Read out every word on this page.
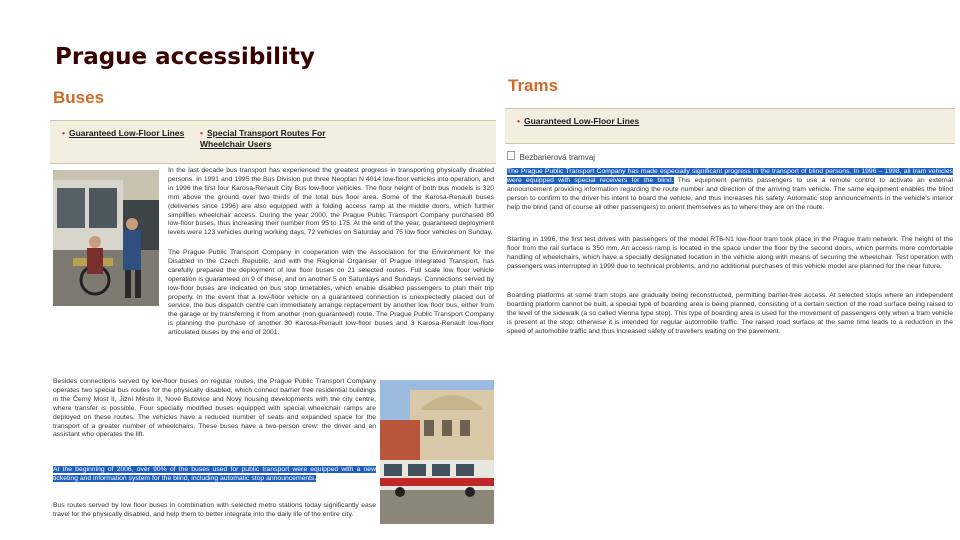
Prague accessibility
Buses
• Guaranteed Low-Floor Lines • Special Transport Routes For Wheelchair Users

In the last decade bus transport has experienced the greatest progress in transporting physically disabled persons. In 1991 and 1995 the Bus Division put three Neoplan N 4014 low-floor vehicles into operation, and in 1996 the first four Karosa-Renault City Bus low-floor vehicles. The floor height of both bus models is 320 mm above the ground over two thirds of the total bus floor area. Some of the Karosa-Renault buses (deliveries since 1996) are also equipped with a folding access ramp at the middle doors, which further simplifies wheelchair access. During the year 2000, the Prague Public Transport Company purchased 80 low-floor buses, thus increasing their number from 95 to 175. At the end of the year, guaranteed deployment levels were 123 vehicles during working days, 72 vehicles on Saturday and 75 low floor vehicles on Sunday.

The Prague Public Transport Company in cooperation with the Association for the Environment for the Disabled in the Czech Republic, and with the Regional Organiser of Prague Integrated Transport, has carefully prepared the deployment of low floor buses on 21 selected routes. Full scale low floor vehicle operation is guaranteed on 9 of these, and on another 5 on Saturdays and Sundays. Connections served by low-floor buses are indicated on bus stop timetables, which enable disabled passengers to plan their trip properly. In the event that a low-floor vehicle on a guaranteed connection is unexpectedly placed out of service, the bus dispatch centre can immediately arrange replacement by another low floor bus, either from the garage or by transferring it from another (non guaranteed) route. The Prague Public Transport Company is planning the purchase of another 30 Karosa-Renault low-floor buses and 3 Karosa-Renault low-floor articulated buses by the end of 2001.

Besides connections served by low-floor buses on regular routes, the Prague Public Transport Company operates two special bus routes for the physically disabled, which connect barrier free residential buildings in the Černý Most II, Jižní Město II, Nové Butovice and Nový housing developments with the city centre, where transfer is possible. Four specially modified buses equipped with special wheelchair ramps are deployed on these routes. The vehicles have a reduced number of seats and expanded space for the transport of a greater number of wheelchairs. These buses have a two-person crew: the driver and an assistant who operates the lift.

At the beginning of 2006, over 90% of the buses used for public transport were equipped with a new ticketing and information system for the blind, including automatic stop announcements.

Bus routes served by low floor buses in combination with selected metro stations today significantly ease travel for the physically disabled, and help them to better integrate into the daily life of the entire city.

Trams
• Guaranteed Low-Floor Lines
Bezbarierová tramvaj

The Prague Public Transport Company has made especially significant progress in the transport of blind persons. In 1996 – 1998, all tram vehicles were equipped with special receivers for the blind. This equipment permits passengers to use a remote control to activate an external announcement providing information regarding the route number and direction of the arriving tram vehicle. The same equipment enables the blind person to confirm to the driver his intent to board the vehicle, and thus increases his safety. Automatic stop announcements in the vehicle's interior help the blind (and of course all other passengers) to orient themselves as to where they are on the route.

Starting in 1996, the first test drives with passengers of the model RT6-N1 low-floor tram took place in the Prague tram network. The height of the floor from the rail surface is 350 mm. An access ramp is located in the space under the floor by the second doors, which permits more comfortable handling of wheelchairs, which have a specially designated location in the vehicle along with means of securing the wheelchair. Test operation with passengers was interrupted in 1999 due to technical problems, and no additional purchases of this vehicle model are planned for the near future.

Boarding platforms at some tram stops are gradually being reconstructed, permitting barrier-free access. At selected stops where an independent boarding platform cannot be built, a special type of boarding area is being planned, consisting of a certain section of the road surface being raised to the level of the sidewalk (a so called Vienna type stop). This type of boarding area is used for the movement of passengers only when a tram vehicle is present at the stop; otherwise it is intended for regular automobile traffic. The raised road surface at the same time leads to a reduction in the speed of automobile traffic and thus increased safety of travellers waiting on the pavement.
